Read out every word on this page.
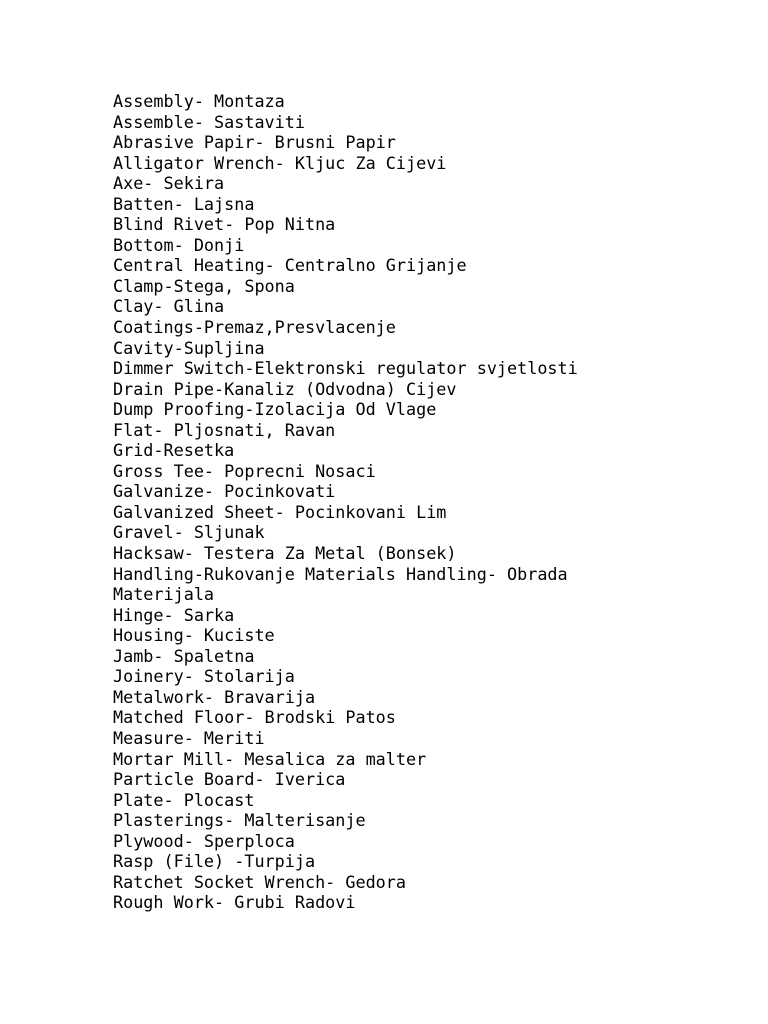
Assembly- Montaza
Assemble- Sastaviti
Abrasive Papir- Brusni Papir
Alligator Wrench- Kljuc Za Cijevi
Axe- Sekira
Batten- Lajsna
Blind Rivet- Pop Nitna
Bottom- Donji
Central Heating- Centralno Grijanje
Clamp-Stega, Spona
Clay- Glina
Coatings-Premaz,Presvlacenje
Cavity-Supljina
Dimmer Switch-Elektronski regulator svjetlosti
Drain Pipe-Kanaliz (Odvodna) Cijev
Dump Proofing-Izolacija Od Vlage
Flat- Pljosnati, Ravan
Grid-Resetka
Gross Tee- Poprecni Nosaci
Galvanize- Pocinkovati
Galvanized Sheet- Pocinkovani Lim
Gravel- Sljunak
Hacksaw- Testera Za Metal (Bonsek)
Handling-Rukovanje Materials Handling- Obrada
Materijala
Hinge- Sarka
Housing- Kuciste
Jamb- Spaletna
Joinery- Stolarija
Metalwork- Bravarija
Matched Floor- Brodski Patos
Measure- Meriti
Mortar Mill- Mesalica za malter
Particle Board- Iverica
Plate- Plocast
Plasterings- Malterisanje
Plywood- Sperploca
Rasp (File) -Turpija
Ratchet Socket Wrench- Gedora
Rough Work- Grubi Radovi
